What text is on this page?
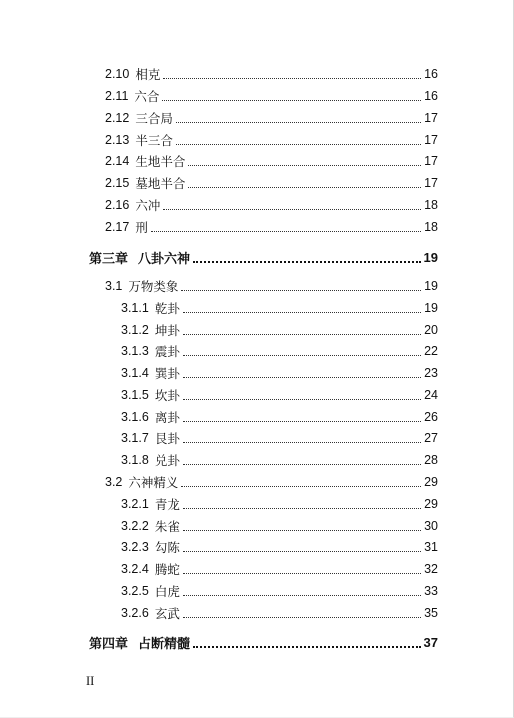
2.10 相克	16
2.11 六合	16
2.12 三合局	17
2.13 半三合	17
2.14 生地半合	17
2.15 墓地半合	17
2.16 六冲	18
2.17 刑	18
第三章 八卦六神	19
3.1 万物类象	19
3.1.1 乾卦	19
3.1.2 坤卦	20
3.1.3 震卦	22
3.1.4 巽卦	23
3.1.5 坎卦	24
3.1.6 离卦	26
3.1.7 艮卦	27
3.1.8 兑卦	28
3.2 六神精义	29
3.2.1 青龙	29
3.2.2 朱雀	30
3.2.3 勾陈	31
3.2.4 腾蛇	32
3.2.5 白虎	33
3.2.6 玄武	35
第四章 占断精髓	37
II
